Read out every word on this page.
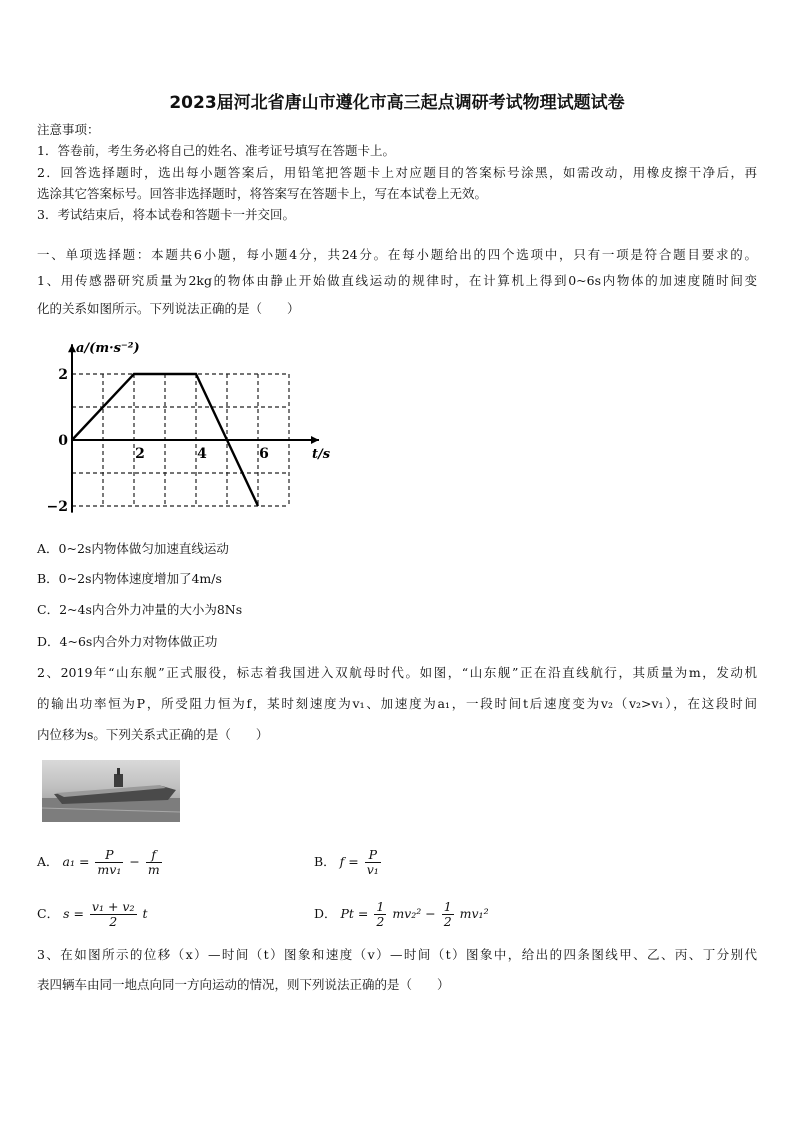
2023届河北省唐山市遵化市高三起点调研考试物理试题试卷
注意事项：
1．答卷前，考生务必将自己的姓名、准考证号填写在答题卡上。
2．回答选择题时，选出每小题答案后，用铅笔把答题卡上对应题目的答案标号涂黑，如需改动，用橡皮擦干净后，再
选涂其它答案标号。回答非选择题时，将答案写在答题卡上，写在本试卷上无效。
3．考试结束后，将本试卷和答题卡一并交回。
一、单项选择题：本题共6小题，每小题4分，共24分。在每小题给出的四个选项中，只有一项是符合题目要求的。
1、用传感器研究质量为2kg的物体由静止开始做直线运动的规律时，在计算机上得到0~6s内物体的加速度随时间变
化的关系如图所示。下列说法正确的是（　　）
2	4	6
2
0
−2
a/(m·s⁻²)
t/s
A．0~2s内物体做匀加速直线运动
B．0~2s内物体速度增加了4m/s
C．2~4s内合外力冲量的大小为8Ns
D．4~6s内合外力对物体做正功
2、2019年“山东舰”正式服役，标志着我国进入双航母时代。如图，“山东舰”正在沿直线航行，其质量为m，发动机
的输出功率恒为P，所受阻力恒为f，某时刻速度为v₁、加速度为a₁，一段时间t后速度变为v₂（v₂>v₁），在这段时间
内位移为s。下列关系式正确的是（　　）
A． $a_1 = \frac{P}{\text{mv₁}} - \frac{f}{m}$	B． $f = \frac{P}{\text{v₁}}$
C． $s = \frac{\text{v₁ + v₂}}{2}$ t	D． $Pt = \frac{1}{2} mv_2^2 - \frac{1}{2} mv_1^2$
3、在如图所示的位移（x）—时间（t）图象和速度（v）—时间（t）图象中，给出的四条图线甲、乙、丙、丁分别代
表四辆车由同一地点向同一方向运动的情况，则下列说法正确的是（　　）
